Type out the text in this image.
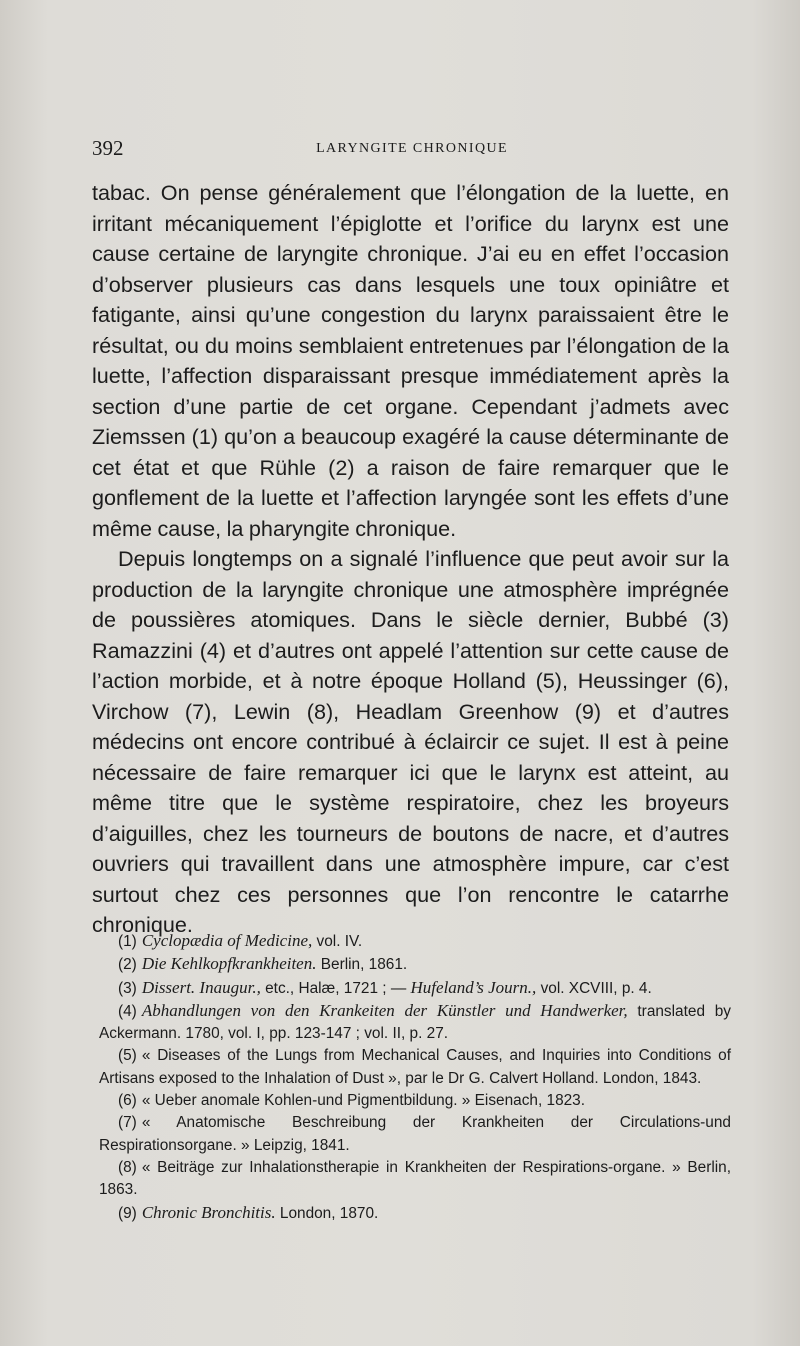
392	LARYNGITE CHRONIQUE

tabac. On pense généralement que l’élongation de la luette, en irritant mécaniquement l’épiglotte et l’orifice du larynx est une cause certaine de laryngite chronique. J’ai eu en effet l’occasion d’observer plusieurs cas dans lesquels une toux opiniâtre et fatigante, ainsi qu’une congestion du larynx paraissaient être le résultat, ou du moins semblaient entretenues par l’élongation de la luette, l’affection disparaissant presque immédiatement après la section d’une partie de cet organe. Cependant j’admets avec Ziemssen (1) qu’on a beaucoup exagéré la cause déterminante de cet état et que Rühle (2) a raison de faire remarquer que le gonflement de la luette et l’affection laryngée sont les effets d’une même cause, la pharyngite chronique.

Depuis longtemps on a signalé l’influence que peut avoir sur la production de la laryngite chronique une atmosphère imprégnée de poussières atomiques. Dans le siècle dernier, Bubbé (3) Ramazzini (4) et d’autres ont appelé l’attention sur cette cause de l’action morbide, et à notre époque Holland (5), Heussinger (6), Virchow (7), Lewin (8), Headlam Greenhow (9) et d’autres médecins ont encore contribué à éclaircir ce sujet. Il est à peine nécessaire de faire remarquer ici que le larynx est atteint, au même titre que le système respiratoire, chez les broyeurs d’aiguilles, chez les tourneurs de boutons de nacre, et d’autres ouvriers qui travaillent dans une atmosphère impure, car c’est surtout chez ces personnes que l’on rencontre le catarrhe chronique.

(1) Cyclopædia of Medicine, vol. IV.

(2) Die Kehlkopfkrankheiten. Berlin, 1861.

(3) Dissert. Inaugur., etc., Halæ, 1721 ; — Hufeland’s Journ., vol. XCVIII, p. 4.

(4) Abhandlungen von den Krankeiten der Künstler und Handwerker, translated by Ackermann. 1780, vol. I, pp. 123-147 ; vol. II, p. 27.

(5) « Diseases of the Lungs from Mechanical Causes, and Inquiries into Conditions of Artisans exposed to the Inhalation of Dust », par le Dr G. Calvert Holland. London, 1843.

(6) « Ueber anomale Kohlen-und Pigmentbildung. » Eisenach, 1823.

(7) « Anatomische Beschreibung der Krankheiten der Circulations-und Respirationsorgane. » Leipzig, 1841.

(8) « Beiträge zur Inhalationstherapie in Krankheiten der Respirations-organe. » Berlin, 1863.

(9) Chronic Bronchitis. London, 1870.
